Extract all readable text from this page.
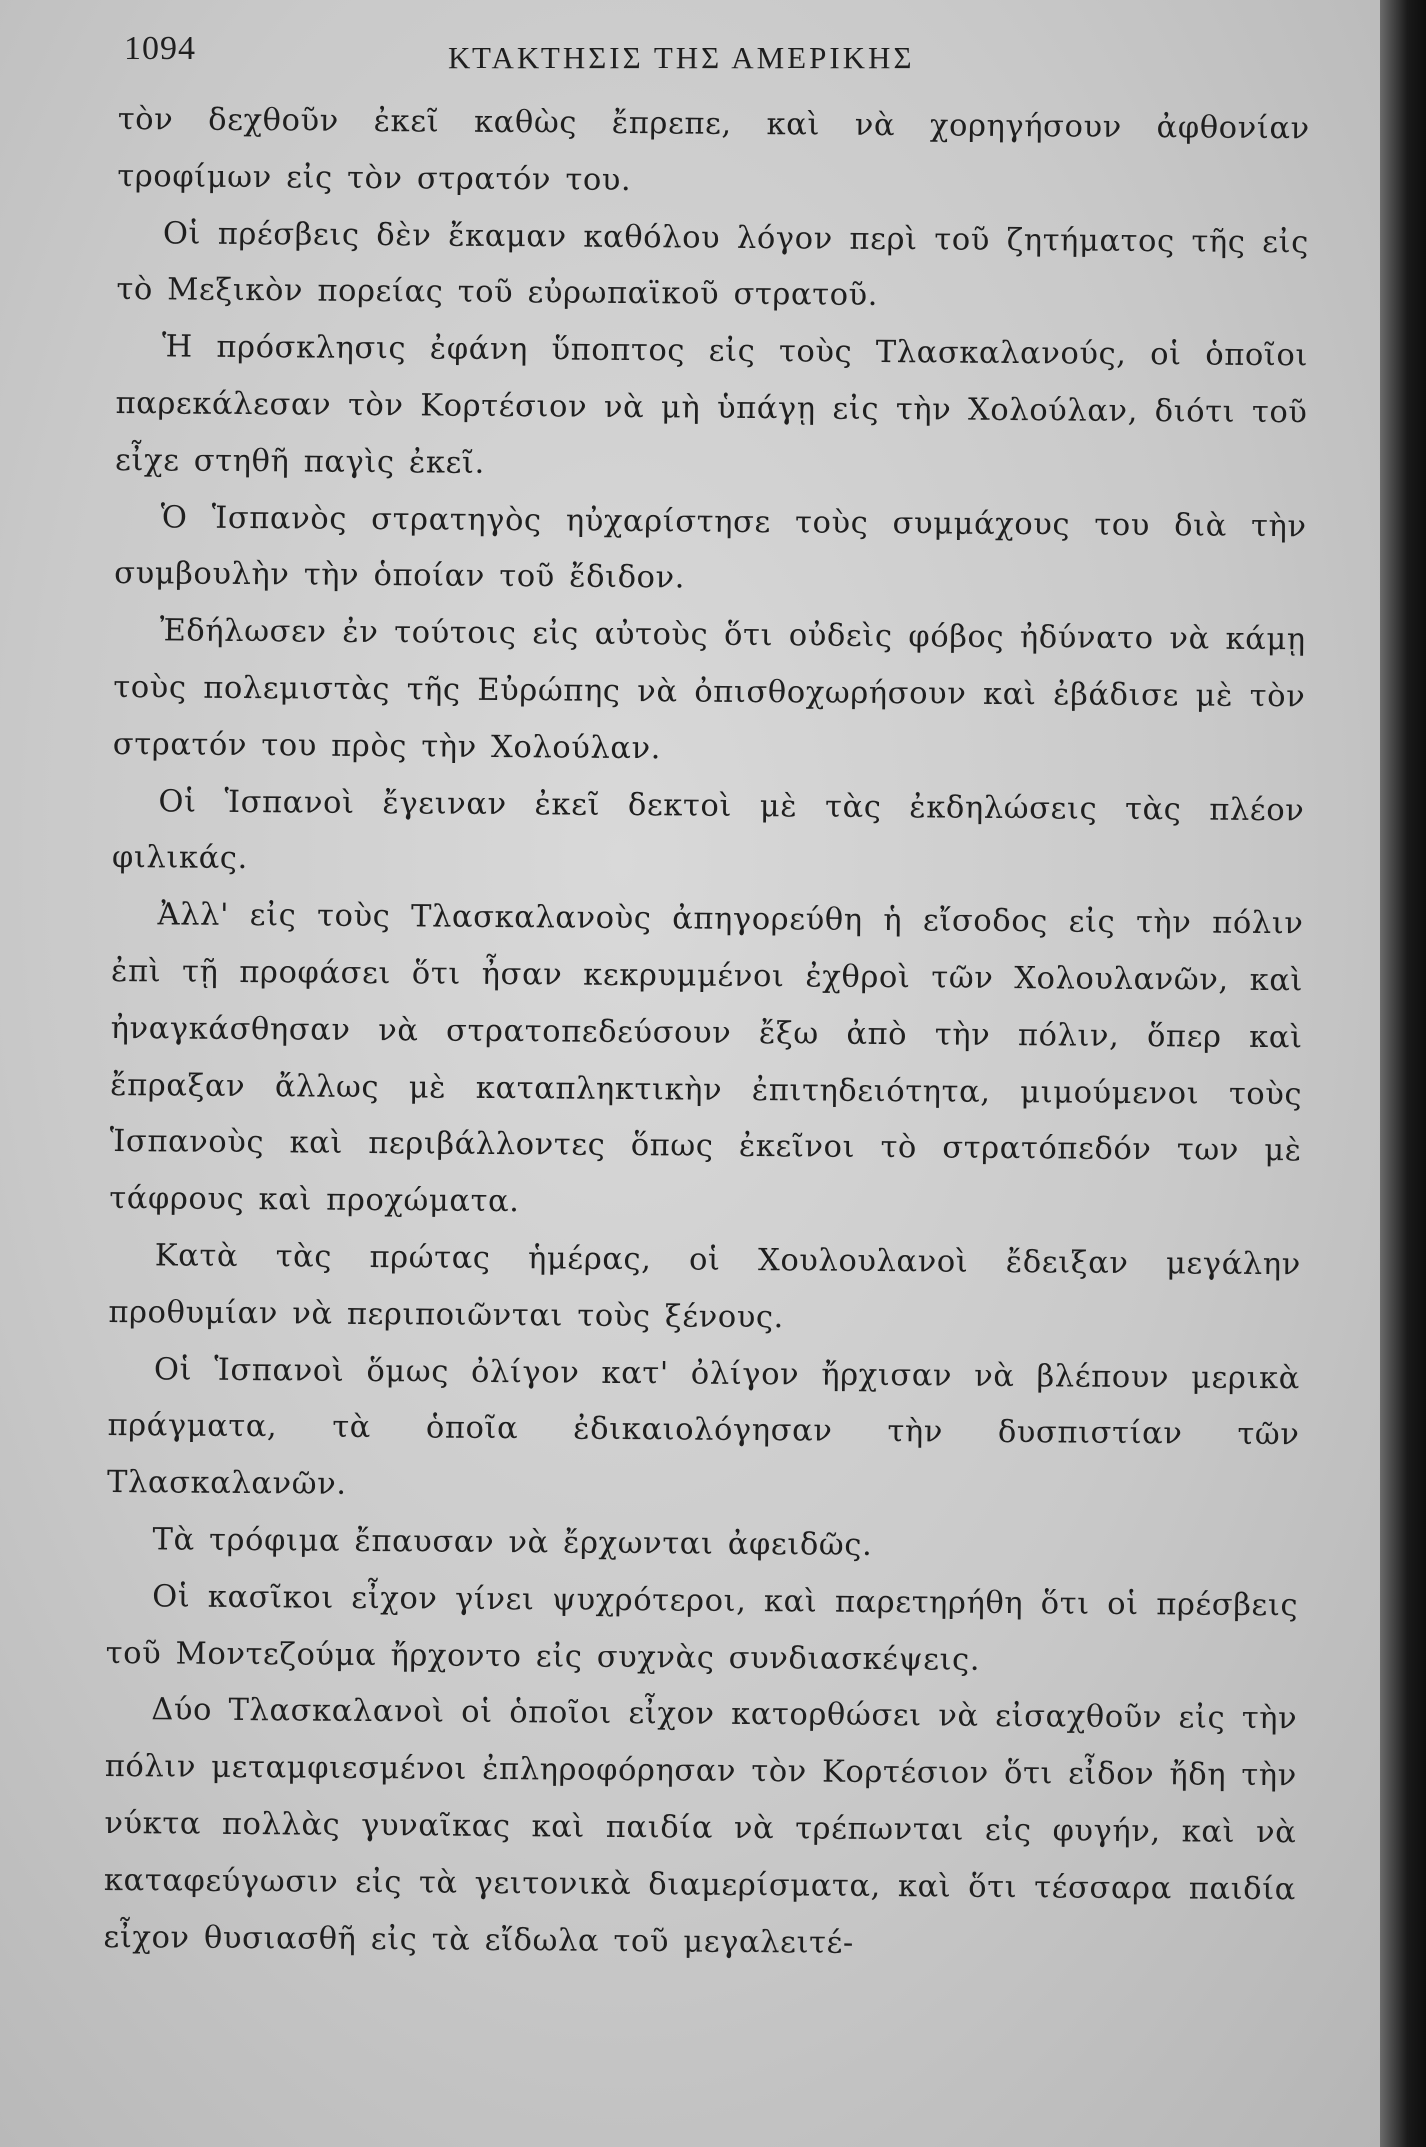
1094	ΚΤΑΚΤΗΣΙΣ ΤΗΣ ΑΜΕΡΙΚΗΣ

τὸν δεχθοῦν ἐκεῖ καθὼς ἔπρεπε, καὶ νὰ χορηγήσουν ἀφθονίαν τροφίμων εἰς τὸν στρατόν του.

Οἱ πρέσβεις δὲν ἔκαμαν καθόλου λόγον περὶ τοῦ ζητήματος τῆς εἰς τὸ Μεξικὸν πορείας τοῦ εὐρωπαϊκοῦ στρατοῦ.

Ἡ πρόσκλησις ἐφάνη ὕποπτος εἰς τοὺς Τλασκαλανούς, οἱ ὁποῖοι παρεκάλεσαν τὸν Κορτέσιον νὰ μὴ ὑπάγῃ εἰς τὴν Χολούλαν, διότι τοῦ εἶχε στηθῆ παγὶς ἐκεῖ.

Ὁ Ἱσπανὸς στρατηγὸς ηὐχαρίστησε τοὺς συμμάχους του διὰ τὴν συμβουλὴν τὴν ὁποίαν τοῦ ἔδιδον.

Ἐδήλωσεν ἐν τούτοις εἰς αὐτοὺς ὅτι οὐδεὶς φόβος ἠδύνατο νὰ κάμῃ τοὺς πολεμιστὰς τῆς Εὐρώπης νὰ ὀπισθοχωρήσουν καὶ ἐβάδισε μὲ τὸν στρατόν του πρὸς τὴν Χολούλαν.

Οἱ Ἱσπανοὶ ἔγειναν ἐκεῖ δεκτοὶ μὲ τὰς ἐκδηλώσεις τὰς πλέον φιλικάς.

Ἀλλ' εἰς τοὺς Τλασκαλανοὺς ἀπηγορεύθη ἡ εἴσοδος εἰς τὴν πόλιν ἐπὶ τῇ προφάσει ὅτι ἦσαν κεκρυμμένοι ἐχθροὶ τῶν Χολουλανῶν, καὶ ἠναγκάσθησαν νὰ στρατοπεδεύσουν ἔξω ἀπὸ τὴν πόλιν, ὅπερ καὶ ἔπραξαν ἄλλως μὲ καταπληκτικὴν ἐπιτηδειότητα, μιμούμενοι τοὺς Ἱσπανοὺς καὶ περιβάλλοντες ὅπως ἐκεῖνοι τὸ στρατόπεδόν των μὲ τάφρους καὶ προχώματα.

Κατὰ τὰς πρώτας ἡμέρας, οἱ Χουλουλανοὶ ἔδειξαν μεγάλην προθυμίαν νὰ περιποιῶνται τοὺς ξένους.

Οἱ Ἱσπανοὶ ὅμως ὀλίγον κατ' ὀλίγον ἤρχισαν νὰ βλέπουν μερικὰ πράγματα, τὰ ὁποῖα ἐδικαιολόγησαν τὴν δυσπιστίαν τῶν Τλασκαλανῶν.

Τὰ τρόφιμα ἔπαυσαν νὰ ἔρχωνται ἀφειδῶς.

Οἱ κασῖκοι εἶχον γίνει ψυχρότεροι, καὶ παρετηρήθη ὅτι οἱ πρέσβεις τοῦ Μοντεζούμα ἤρχοντο εἰς συχνὰς συνδιασκέψεις.

Δύο Τλασκαλανοὶ οἱ ὁποῖοι εἶχον κατορθώσει νὰ εἰσαχθοῦν εἰς τὴν πόλιν μεταμφιεσμένοι ἐπληροφόρησαν τὸν Κορτέσιον ὅτι εἶδον ἤδη τὴν νύκτα πολλὰς γυναῖκας καὶ παιδία νὰ τρέπωνται εἰς φυγήν, καὶ νὰ καταφεύγωσιν εἰς τὰ γειτονικὰ διαμερίσματα, καὶ ὅτι τέσσαρα παιδία εἶχον θυσιασθῆ εἰς τὰ εἴδωλα τοῦ μεγαλειτέ-
